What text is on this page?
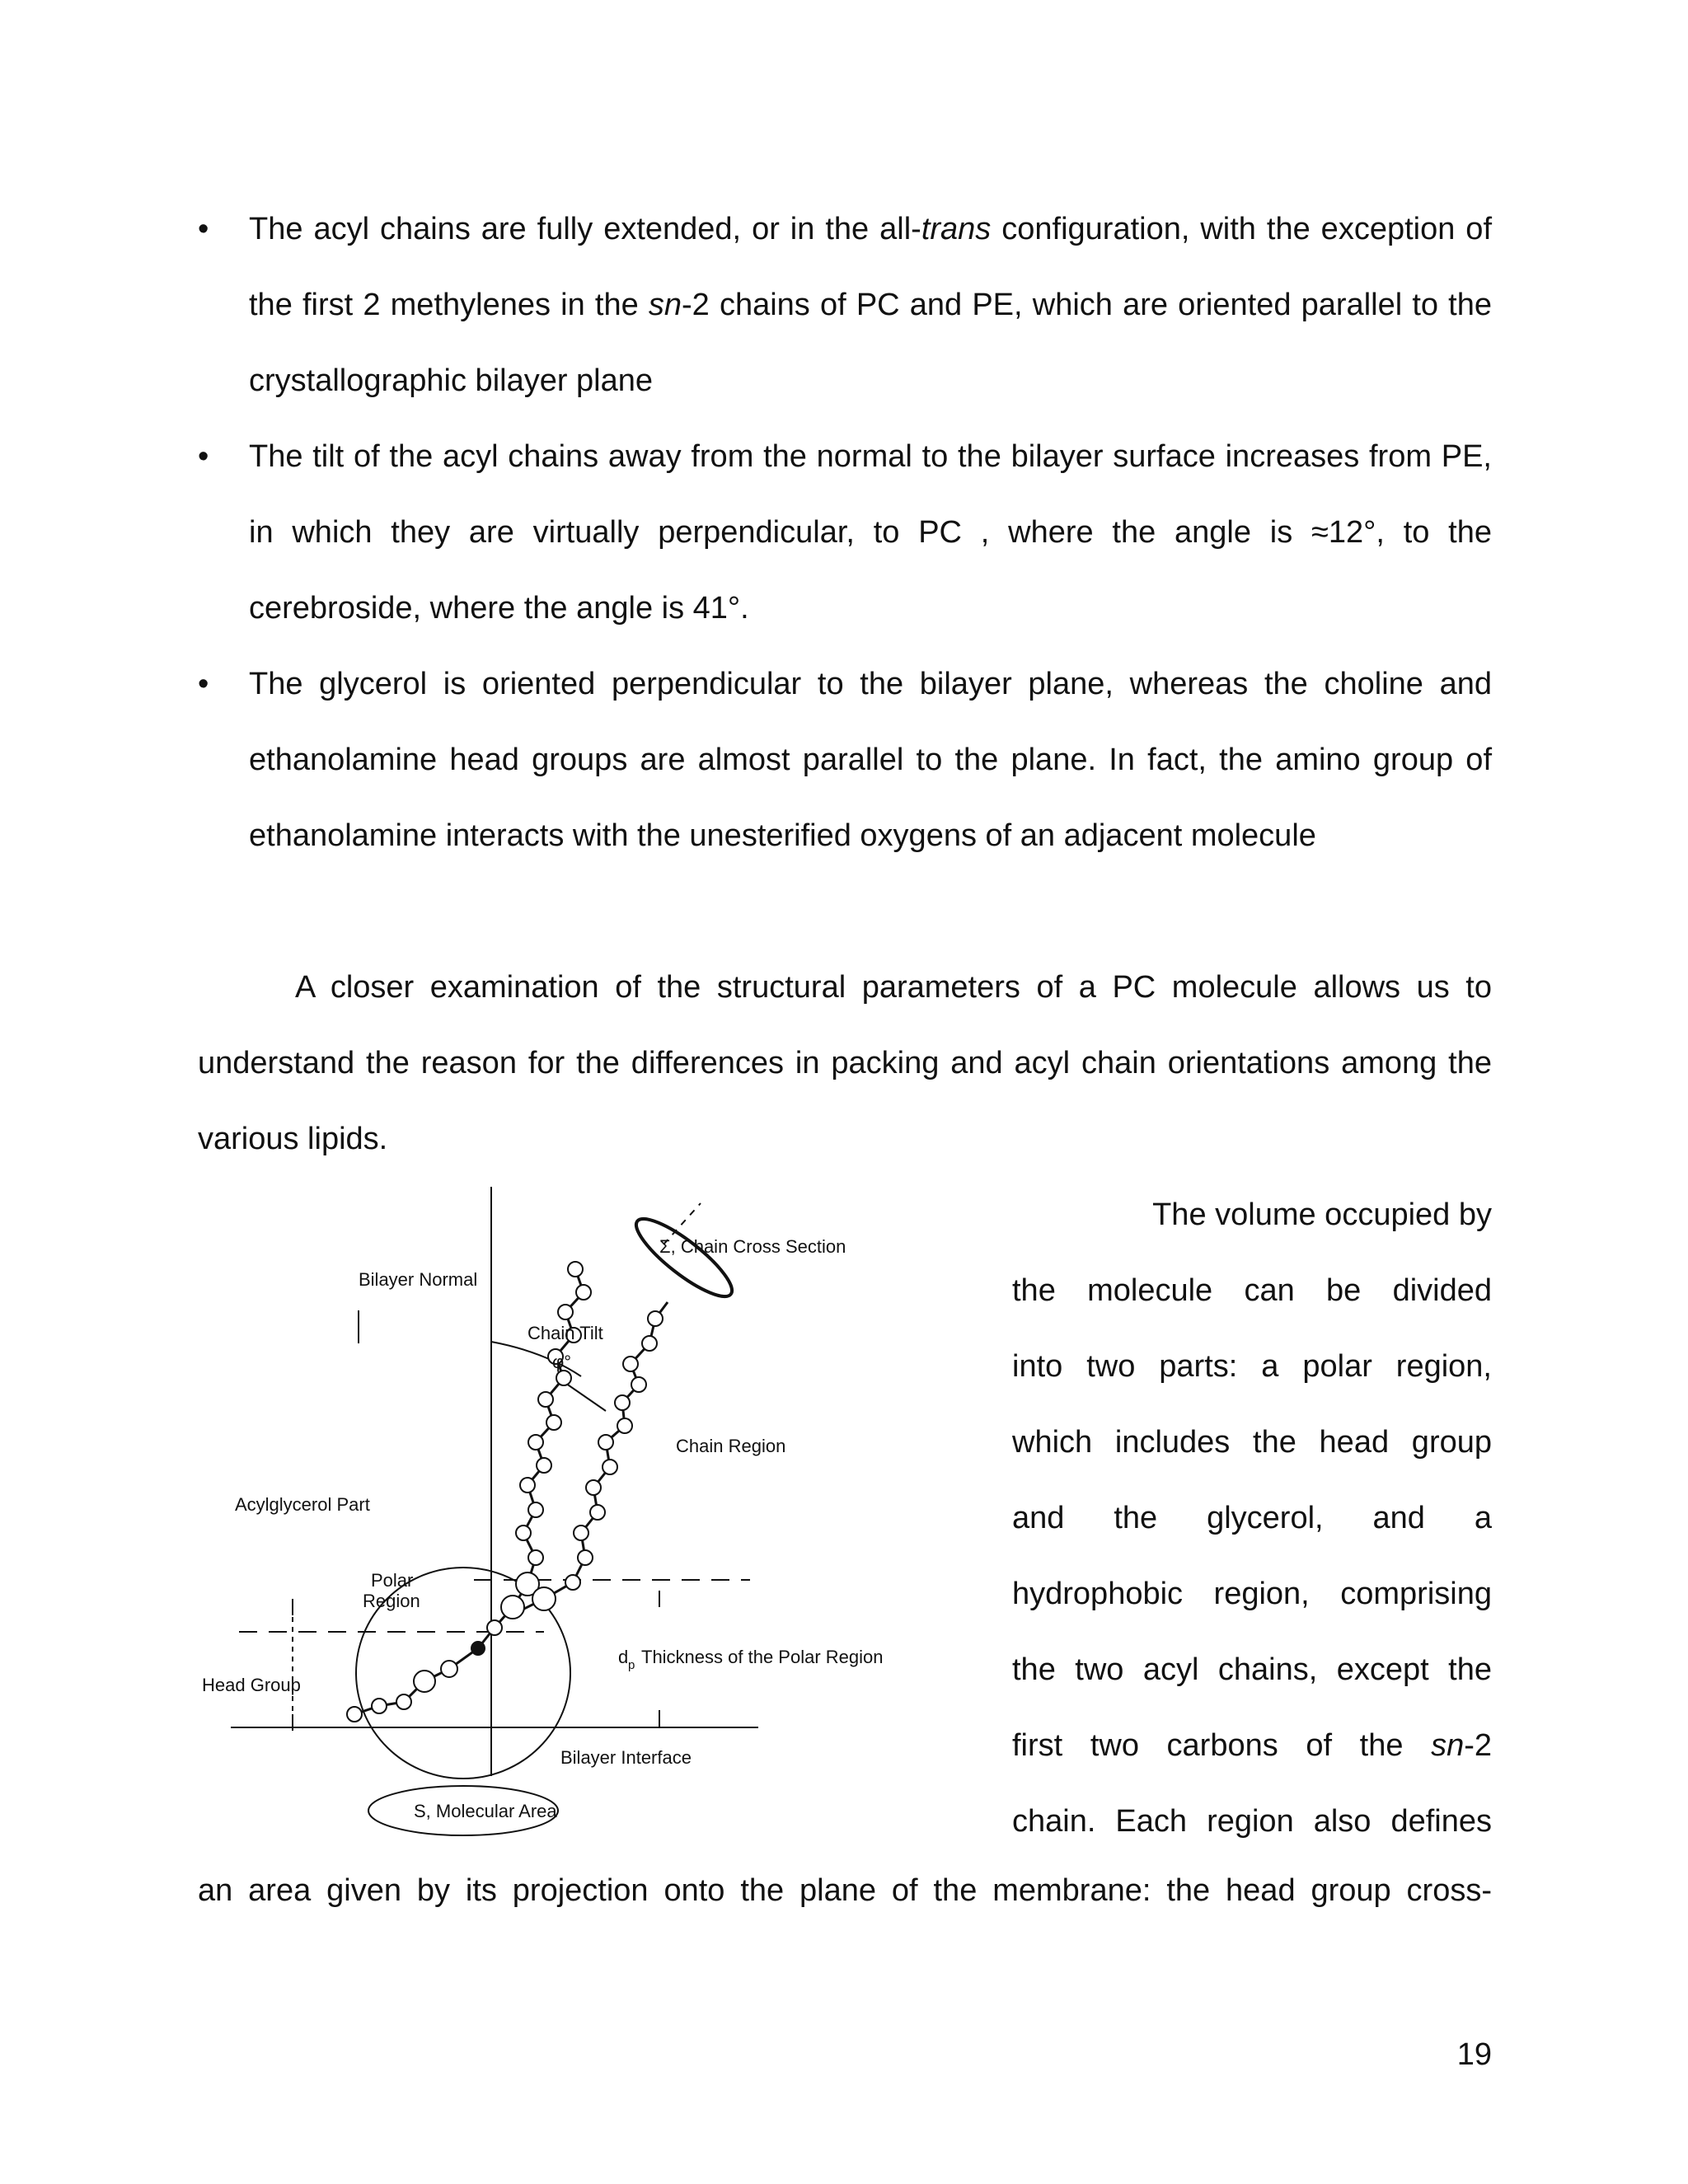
• The acyl chains are fully extended, or in the all-trans configuration, with the exception of the first 2 methylenes in the sn-2 chains of PC and PE, which are oriented parallel to the crystallographic bilayer plane
• The tilt of the acyl chains away from the normal to the bilayer surface increases from PE, in which they are virtually perpendicular, to PC , where the angle is ≈12°, to the cerebroside, where the angle is 41°.
• The glycerol is oriented perpendicular to the bilayer plane, whereas the choline and ethanolamine head groups are almost parallel to the plane. In fact, the amino group of ethanolamine interacts with the unesterified oxygens of an adjacent molecule

A closer examination of the structural parameters of a PC molecule allows us to understand the reason for the differences in packing and acyl chain orientations among the various lipids.

Σ, Chain Cross Section
Bilayer Normal
Chain Tilt
φ°
Chain Region
Acylglycerol Part
Polar
Region
Head Group
d p Thickness of the Polar Region
Bilayer Interface
S, Molecular Area
The volume occupied by
the molecule can be divided
into two parts: a polar region,
which includes the head group
and the glycerol, and a
hydrophobic region, comprising
the two acyl chains, except the
first two carbons of the sn-2
chain. Each region also defines

an area given by its projection onto the plane of the membrane: the head group cross-

19
